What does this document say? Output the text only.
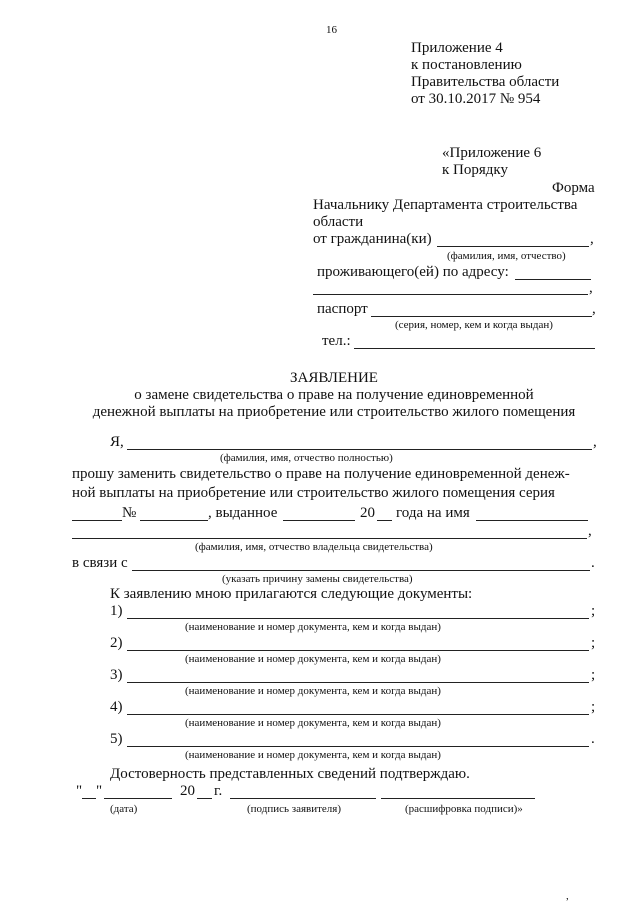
16
Приложение 4
к постановлению
Правительства области
от 30.10.2017 № 954
«Приложение 6
к Порядку
Форма
Начальнику Департамента строительства
области
от гражданина(ки)	,
(фамилия, имя, отчество)
проживающего(ей) по адресу:
,
паспорт	,
(серия, номер, кем и когда выдан)
тел.:
ЗАЯВЛЕНИЕ
о замене свидетельства о праве на получение единовременной
денежной выплаты на приобретение или строительство жилого помещения
Я,	,
(фамилия, имя, отчество полностью)
прошу заменить свидетельство о праве на получение единовременной денеж-
ной выплаты на приобретение или строительство жилого помещения серия
№	, выданное	20 года на имя
,
(фамилия, имя, отчество владельца свидетельства)
в связи с	.
(указать причину замены свидетельства)
К заявлению мною прилагаются следующие документы:
1)	;
(наименование и номер документа, кем и когда выдан)
2)	;
(наименование и номер документа, кем и когда выдан)
3)	;
(наименование и номер документа, кем и когда выдан)
4)	;
(наименование и номер документа, кем и когда выдан)
5)	.
(наименование и номер документа, кем и когда выдан)
Достоверность представленных сведений подтверждаю.
" "	20 г.
(дата)	(подпись заявителя)	(расшифровка подписи)»
,
